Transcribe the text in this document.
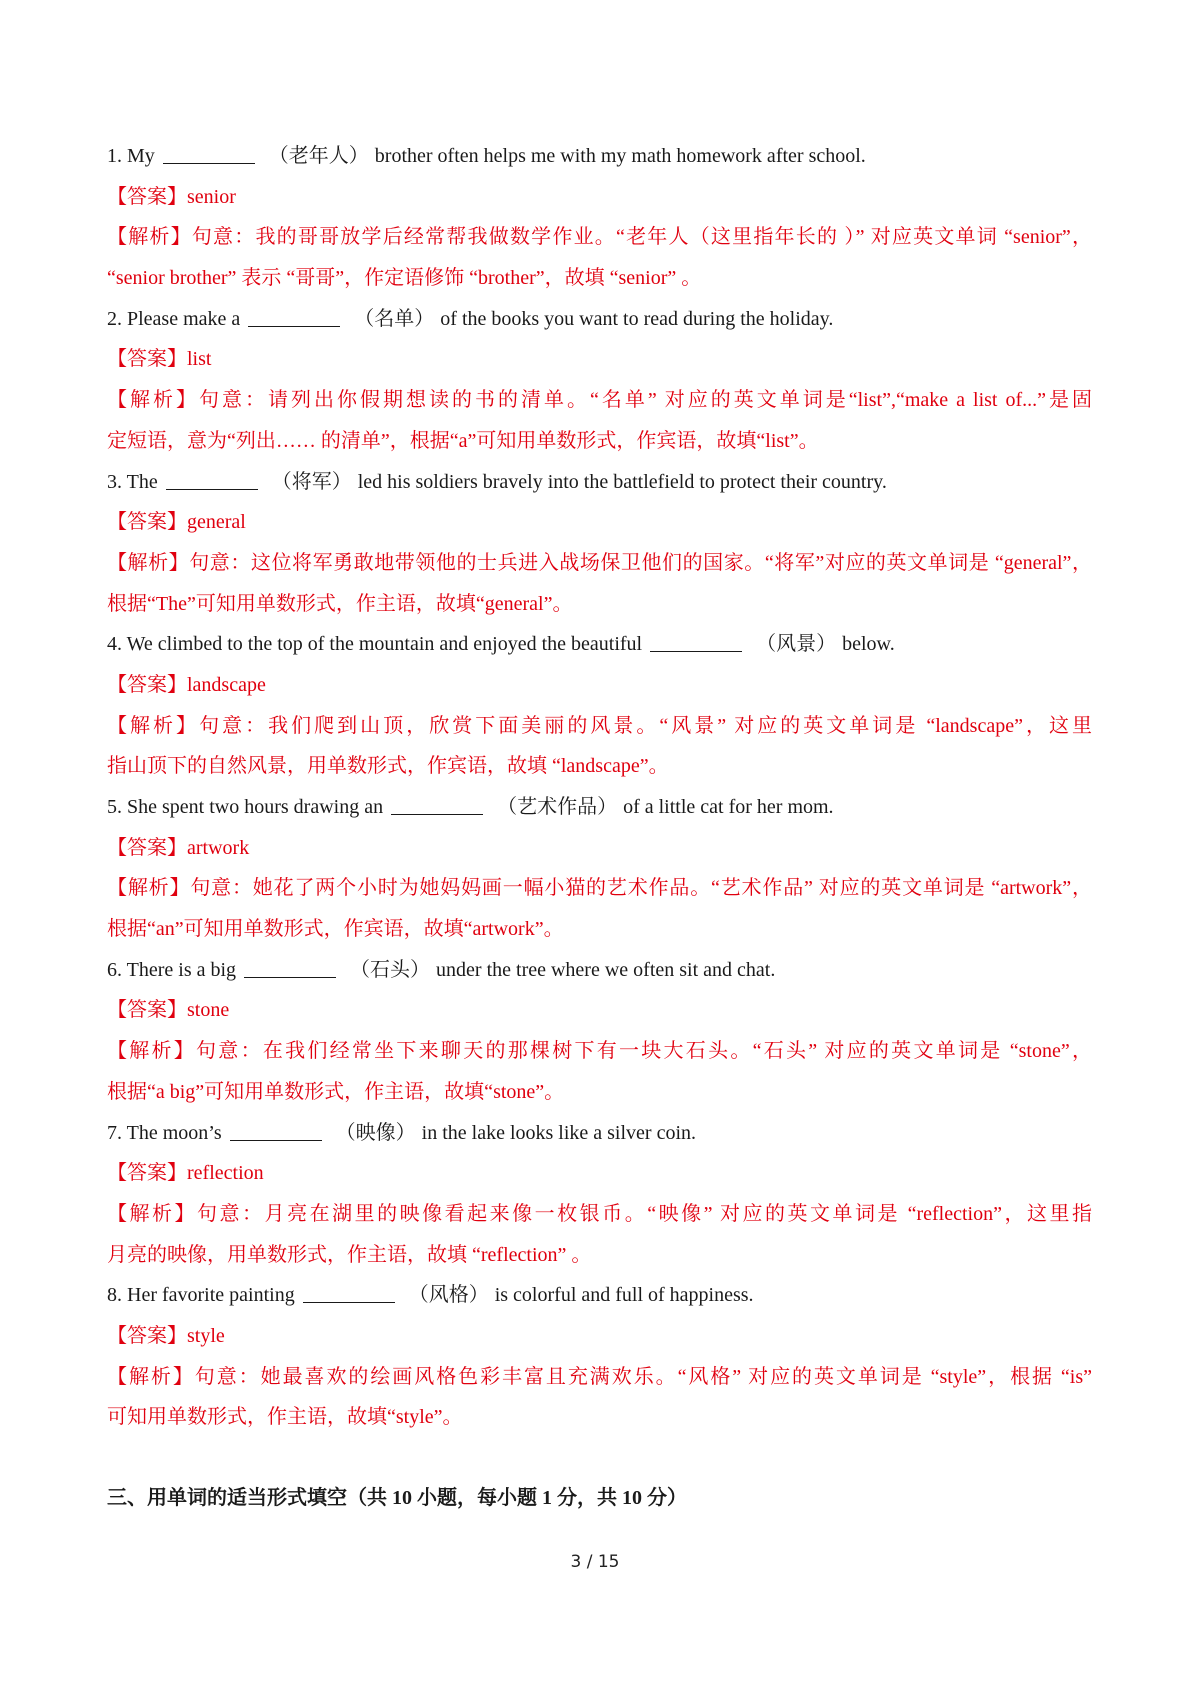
1. My	（老年人） brother often helps me with my math homework after school.
【答案】senior
【解析】句意：我的哥哥放学后经常帮我做数学作业。“老年人（这里指年长的 ）” 对应英文单词 “senior”，
“senior brother” 表示 “哥哥”，作定语修饰 “brother”，故填 “senior” 。
2. Please make a	（名单） of the books you want to read during the holiday.
【答案】list
【解析】句意：请列出你假期想读的书的清单。“名单” 对应的英文单词是“list”,“make a list of...”是固
定短语，意为“列出…… 的清单”，根据“a”可知用单数形式，作宾语，故填“list”。
3. The	（将军） led his soldiers bravely into the battlefield to protect their country.
【答案】general
【解析】句意：这位将军勇敢地带领他的士兵进入战场保卫他们的国家。“将军”对应的英文单词是 “general”，
根据“The”可知用单数形式，作主语，故填“general”。
4. We climbed to the top of the mountain and enjoyed the beautiful	（风景） below.
【答案】landscape
【解析】句意：我们爬到山顶，欣赏下面美丽的风景。“风景” 对应的英文单词是 “landscape”，这里
指山顶下的自然风景，用单数形式，作宾语，故填 “landscape”。
5. She spent two hours drawing an	（艺术作品） of a little cat for her mom.
【答案】artwork
【解析】句意：她花了两个小时为她妈妈画一幅小猫的艺术作品。“艺术作品” 对应的英文单词是 “artwork”，
根据“an”可知用单数形式，作宾语，故填“artwork”。
6. There is a big	（石头） under the tree where we often sit and chat.
【答案】stone
【解析】句意：在我们经常坐下来聊天的那棵树下有一块大石头。“石头” 对应的英文单词是 “stone”，
根据“a big”可知用单数形式，作主语，故填“stone”。
7. The moon’s	（映像） in the lake looks like a silver coin.
【答案】reflection
【解析】句意：月亮在湖里的映像看起来像一枚银币。“映像” 对应的英文单词是 “reflection”，这里指
月亮的映像，用单数形式，作主语，故填 “reflection” 。
8. Her favorite painting	（风格） is colorful and full of happiness.
【答案】style
【解析】句意：她最喜欢的绘画风格色彩丰富且充满欢乐。“风格” 对应的英文单词是 “style”，根据 “is”
可知用单数形式，作主语，故填“style”。
三、用单词的适当形式填空（共 10 小题，每小题 1 分，共 10 分）
3 / 15
